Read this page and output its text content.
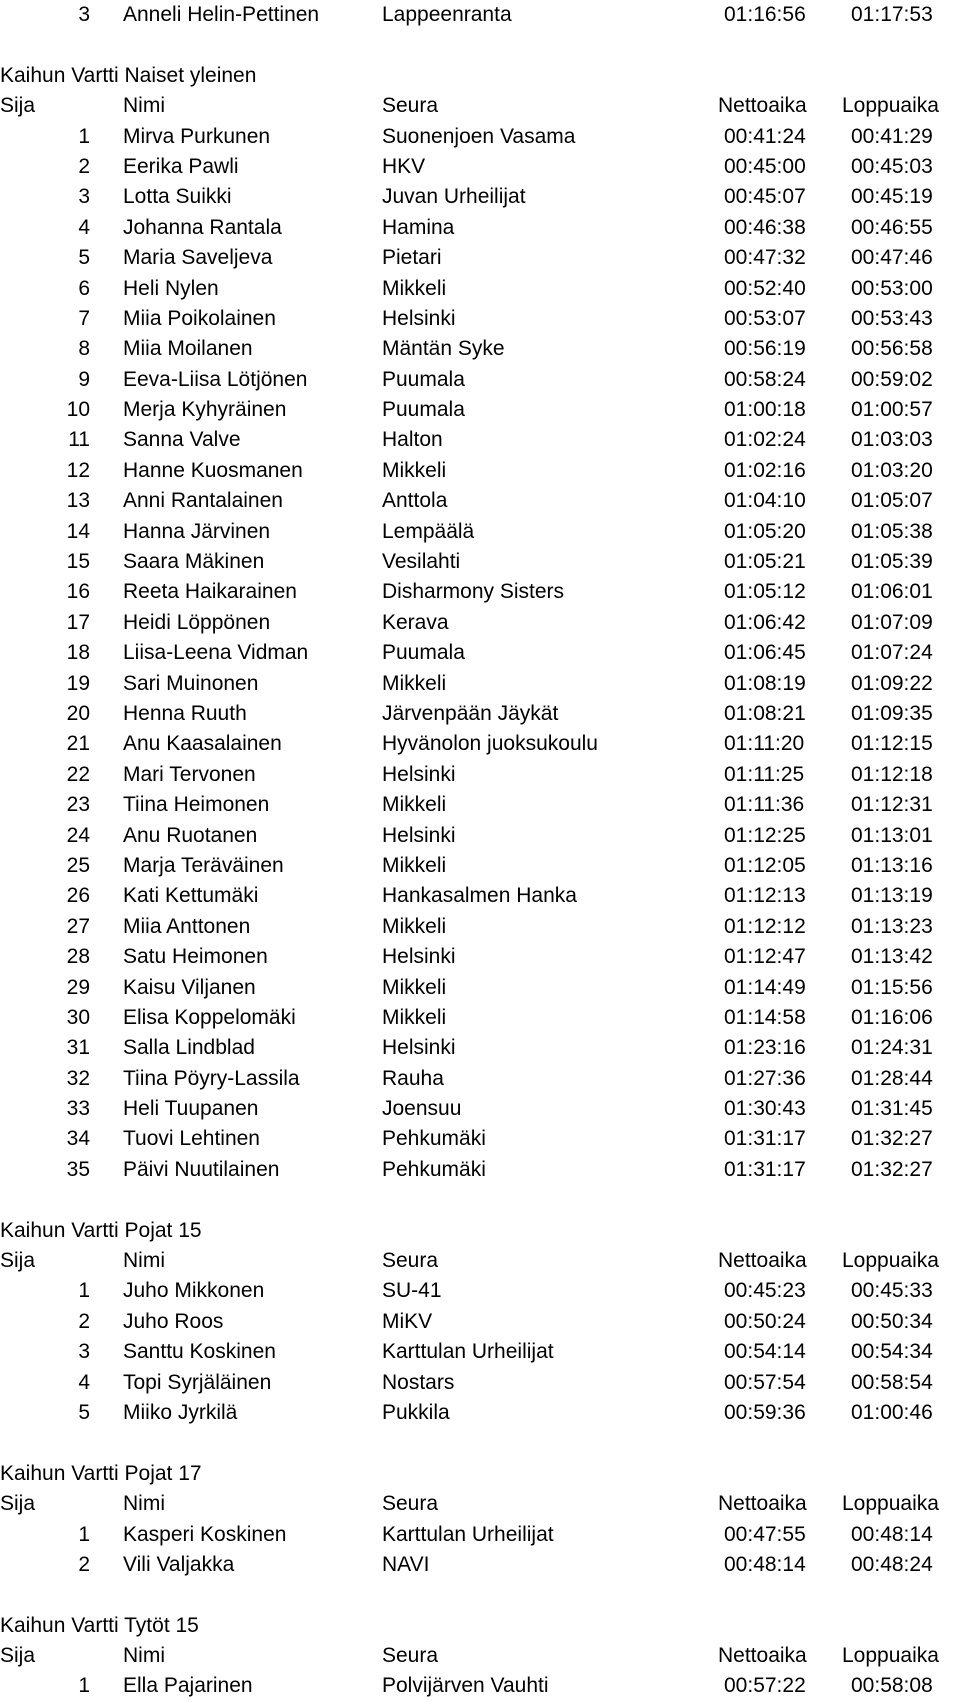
3 Anneli Helin-Pettinen	Lappeenranta	01:16:56 01:17:53
Kaihun Vartti Naiset yleinen
Sija	Nimi	Seura	Nettoaika Loppuaika
1 Mirva Purkunen	Suonenjoen Vasama	00:41:24 00:41:29
2 Eerika Pawli	HKV	00:45:00 00:45:03
3 Lotta Suikki	Juvan Urheilijat	00:45:07 00:45:19
4 Johanna Rantala	Hamina	00:46:38 00:46:55
5 Maria Saveljeva	Pietari	00:47:32 00:47:46
6 Heli Nylen	Mikkeli	00:52:40 00:53:00
7 Miia Poikolainen	Helsinki	00:53:07 00:53:43
8 Miia Moilanen	Mäntän Syke	00:56:19 00:56:58
9 Eeva-Liisa Lötjönen	Puumala	00:58:24 00:59:02
10 Merja Kyhyräinen	Puumala	01:00:18 01:00:57
11 Sanna Valve	Halton	01:02:24 01:03:03
12 Hanne Kuosmanen	Mikkeli	01:02:16 01:03:20
13 Anni Rantalainen	Anttola	01:04:10 01:05:07
14 Hanna Järvinen	Lempäälä	01:05:20 01:05:38
15 Saara Mäkinen	Vesilahti	01:05:21 01:05:39
16 Reeta Haikarainen	Disharmony Sisters	01:05:12 01:06:01
17 Heidi Löppönen	Kerava	01:06:42 01:07:09
18 Liisa-Leena Vidman	Puumala	01:06:45 01:07:24
19 Sari Muinonen	Mikkeli	01:08:19 01:09:22
20 Henna Ruuth	Järvenpään Jäykät	01:08:21 01:09:35
21 Anu Kaasalainen	Hyvänolon juoksukoulu	01:11:20 01:12:15
22 Mari Tervonen	Helsinki	01:11:25 01:12:18
23 Tiina Heimonen	Mikkeli	01:11:36 01:12:31
24 Anu Ruotanen	Helsinki	01:12:25 01:13:01
25 Marja Teräväinen	Mikkeli	01:12:05 01:13:16
26 Kati Kettumäki	Hankasalmen Hanka	01:12:13 01:13:19
27 Miia Anttonen	Mikkeli	01:12:12 01:13:23
28 Satu Heimonen	Helsinki	01:12:47 01:13:42
29 Kaisu Viljanen	Mikkeli	01:14:49 01:15:56
30 Elisa Koppelomäki	Mikkeli	01:14:58 01:16:06
31 Salla Lindblad	Helsinki	01:23:16 01:24:31
32 Tiina Pöyry-Lassila	Rauha	01:27:36 01:28:44
33 Heli Tuupanen	Joensuu	01:30:43 01:31:45
34 Tuovi Lehtinen	Pehkumäki	01:31:17 01:32:27
35 Päivi Nuutilainen	Pehkumäki	01:31:17 01:32:27
Kaihun Vartti Pojat 15
Sija	Nimi	Seura	Nettoaika Loppuaika
1 Juho Mikkonen	SU-41	00:45:23 00:45:33
2 Juho Roos	MiKV	00:50:24 00:50:34
3 Santtu Koskinen	Karttulan Urheilijat	00:54:14 00:54:34
4 Topi Syrjäläinen	Nostars	00:57:54 00:58:54
5 Miiko Jyrkilä	Pukkila	00:59:36 01:00:46
Kaihun Vartti Pojat 17
Sija	Nimi	Seura	Nettoaika Loppuaika
1 Kasperi Koskinen	Karttulan Urheilijat	00:47:55 00:48:14
2 Vili Valjakka	NAVI	00:48:14 00:48:24
Kaihun Vartti Tytöt 15
Sija	Nimi	Seura	Nettoaika Loppuaika
1 Ella Pajarinen	Polvijärven Vauhti	00:57:22 00:58:08
